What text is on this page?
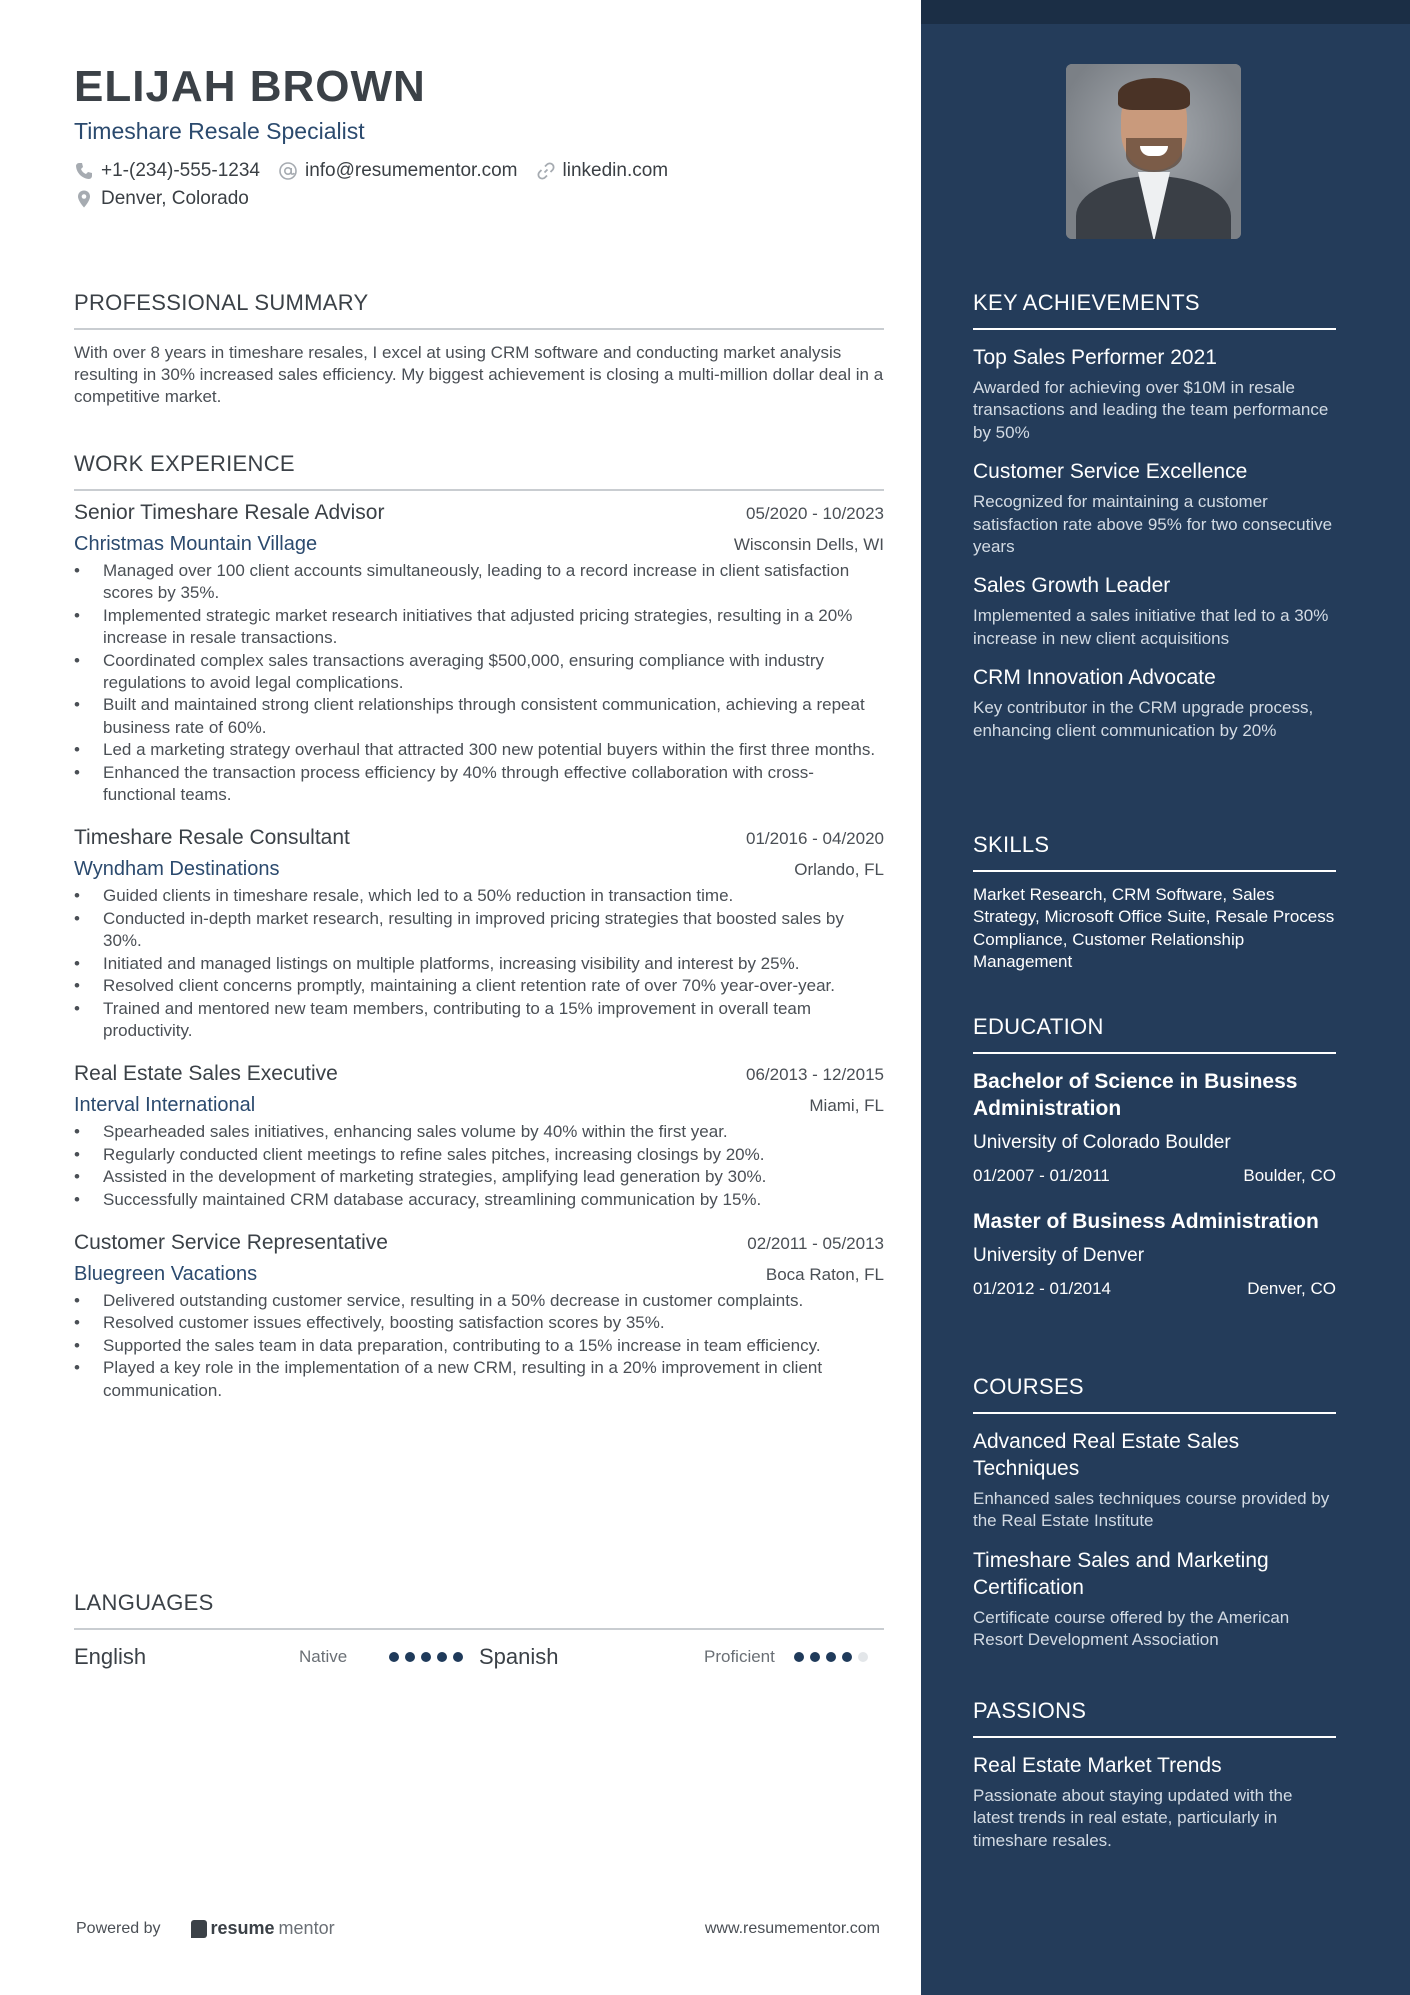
ELIJAH BROWN
Timeshare Resale Specialist
+1-(234)-555-1234 info@resumementor.com linkedin.com
Denver, Colorado
PROFESSIONAL SUMMARY

With over 8 years in timeshare resales, I excel at using CRM software and conducting market analysis resulting in 30% increased sales efficiency. My biggest achievement is closing a multi-million dollar deal in a competitive market.

WORK EXPERIENCE
Senior Timeshare Resale Advisor	05/2020 - 10/2023
Christmas Mountain Village	Wisconsin Dells, WI
• Managed over 100 client accounts simultaneously, leading to a record increase in client satisfaction scores by 35%.
• Implemented strategic market research initiatives that adjusted pricing strategies, resulting in a 20% increase in resale transactions.
• Coordinated complex sales transactions averaging $500,000, ensuring compliance with industry regulations to avoid legal complications.
• Built and maintained strong client relationships through consistent communication, achieving a repeat business rate of 60%.
• Led a marketing strategy overhaul that attracted 300 new potential buyers within the first three months.
• Enhanced the transaction process efficiency by 40% through effective collaboration with cross-functional teams.
Timeshare Resale Consultant	01/2016 - 04/2020
Wyndham Destinations	Orlando, FL
• Guided clients in timeshare resale, which led to a 50% reduction in transaction time.
• Conducted in-depth market research, resulting in improved pricing strategies that boosted sales by 30%.
• Initiated and managed listings on multiple platforms, increasing visibility and interest by 25%.
• Resolved client concerns promptly, maintaining a client retention rate of over 70% year-over-year.
• Trained and mentored new team members, contributing to a 15% improvement in overall team productivity.
Real Estate Sales Executive	06/2013 - 12/2015
Interval International	Miami, FL
• Spearheaded sales initiatives, enhancing sales volume by 40% within the first year.
• Regularly conducted client meetings to refine sales pitches, increasing closings by 20%.
• Assisted in the development of marketing strategies, amplifying lead generation by 30%.
• Successfully maintained CRM database accuracy, streamlining communication by 15%.
Customer Service Representative	02/2011 - 05/2013
Bluegreen Vacations	Boca Raton, FL
• Delivered outstanding customer service, resulting in a 50% decrease in customer complaints.
• Resolved customer issues effectively, boosting satisfaction scores by 35%.
• Supported the sales team in data preparation, contributing to a 15% increase in team efficiency.
• Played a key role in the implementation of a new CRM, resulting in a 20% improvement in client communication.
LANGUAGES
English	Native	Spanish	Proficient
Powered by	resume mentor	www.resumementor.com
KEY ACHIEVEMENTS
Top Sales Performer 2021
Awarded for achieving over $10M in resale transactions and leading the team performance by 50%
Customer Service Excellence
Recognized for maintaining a customer satisfaction rate above 95% for two consecutive years
Sales Growth Leader
Implemented a sales initiative that led to a 30% increase in new client acquisitions
CRM Innovation Advocate
Key contributor in the CRM upgrade process, enhancing client communication by 20%
SKILLS
Market Research, CRM Software, Sales Strategy, Microsoft Office Suite, Resale Process Compliance, Customer Relationship Management
EDUCATION
Bachelor of Science in Business Administration
University of Colorado Boulder
01/2007 - 01/2011	Boulder, CO
Master of Business Administration
University of Denver
01/2012 - 01/2014	Denver, CO
COURSES
Advanced Real Estate Sales Techniques
Enhanced sales techniques course provided by the Real Estate Institute
Timeshare Sales and Marketing Certification
Certificate course offered by the American Resort Development Association
PASSIONS
Real Estate Market Trends
Passionate about staying updated with the latest trends in real estate, particularly in timeshare resales.
